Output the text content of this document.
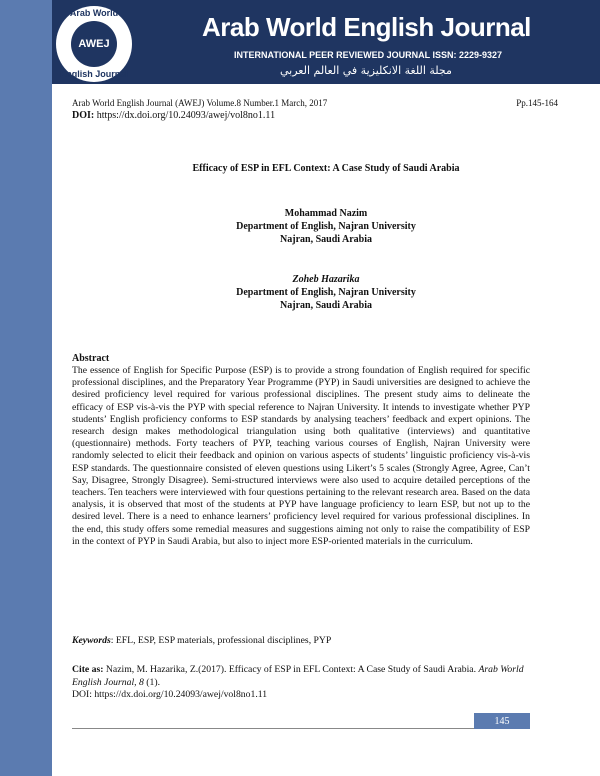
Arab World English Journal
INTERNATIONAL PEER REVIEWED JOURNAL ISSN: 2229-9327
مجلة اللغة الانكليزية في العالم العربي
Arab World
AWEJ
English Journal
Arab World English Journal (AWEJ) Volume.8 Number.1 March, 2017	Pp.145-164
DOI: https://dx.doi.org/10.24093/awej/vol8no1.11
Efficacy of ESP in EFL Context: A Case Study of Saudi Arabia
Mohammad Nazim
Department of English, Najran University
Najran, Saudi Arabia
Zoheb Hazarika
Department of English, Najran University
Najran, Saudi Arabia
Abstract
The essence of English for Specific Purpose (ESP) is to provide a strong foundation of English required for specific professional disciplines, and the Preparatory Year Programme (PYP) in Saudi universities are designed to achieve the desired proficiency level required for various professional disciplines. The present study aims to delineate the efficacy of ESP vis-à-vis the PYP with special reference to Najran University. It intends to investigate whether PYP students’ English proficiency conforms to ESP standards by analysing teachers’ feedback and expert opinions. The research design makes methodological triangulation using both qualitative (interviews) and quantitative (questionnaire) methods. Forty teachers of PYP, teaching various courses of English, Najran University were randomly selected to elicit their feedback and opinion on various aspects of students’ linguistic proficiency vis-à-vis ESP standards. The questionnaire consisted of eleven questions using Likert’s 5 scales (Strongly Agree, Agree, Can’t Say, Disagree, Strongly Disagree). Semi-structured interviews were also used to acquire detailed perceptions of the teachers. Ten teachers were interviewed with four questions pertaining to the relevant research area. Based on the data analysis, it is observed that most of the students at PYP have language proficiency to learn ESP, but not up to the desired level. There is a need to enhance learners’ proficiency level required for various professional disciplines. In the end, this study offers some remedial measures and suggestions aiming not only to raise the compatibility of ESP in the context of PYP in Saudi Arabia, but also to inject more ESP-oriented materials in the curriculum.
Keywords: EFL, ESP, ESP materials, professional disciplines, PYP
Cite as: Nazim, M. Hazarika, Z.(2017). Efficacy of ESP in EFL Context: A Case Study of Saudi Arabia. Arab World English Journal, 8 (1).
DOI: https://dx.doi.org/10.24093/awej/vol8no1.11
145
